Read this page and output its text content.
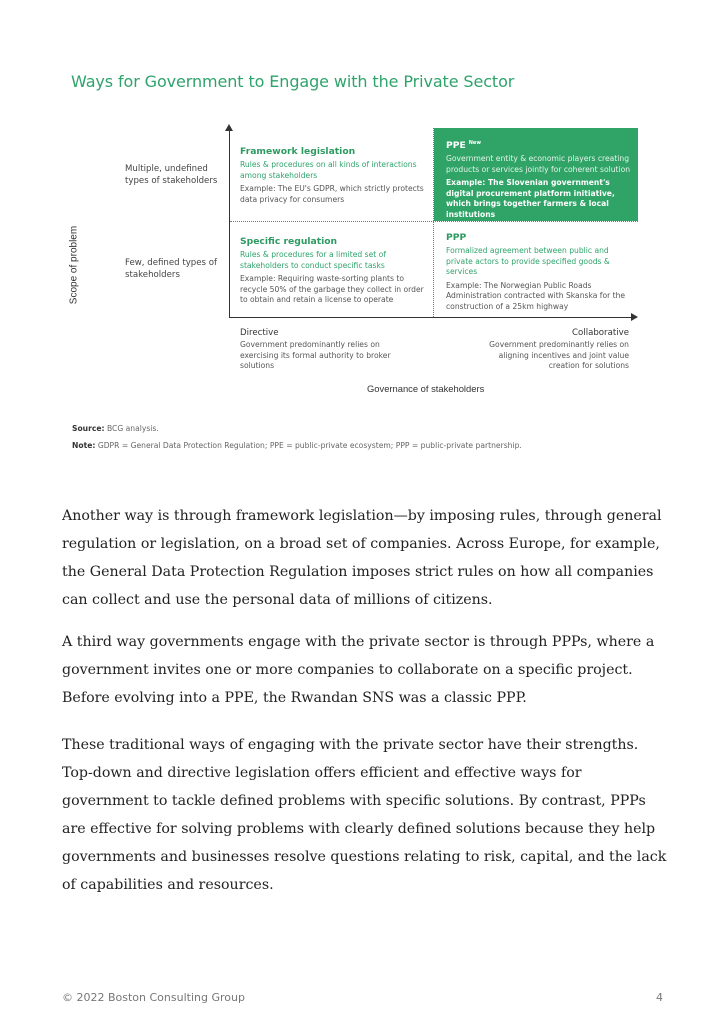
Ways for Government to Engage with the Private Sector
Scope of problem
Multiple, undefined types of stakeholders
Few, defined types of stakeholders
Framework legislation
Rules & procedures on all kinds of interactions among stakeholders
Example: The EU's GDPR, which strictly protects data privacy for consumers
PPE $^{New}$
Government entity & economic players creating products or services jointly for coherent solution
Example: The Slovenian government's digital procurement platform initiative, which brings together farmers & local institutions
Specific regulation
Rules & procedures for a limited set of stakeholders to conduct specific tasks
Example: Requiring waste-sorting plants to recycle 50% of the garbage they collect in order to obtain and retain a license to operate
PPP
Formalized agreement between public and private actors to provide specified goods & services
Example: The Norwegian Public Roads Administration contracted with Skanska for the construction of a 25km highway
Directive
Government predominantly relies on exercising its formal authority to broker solutions
Collaborative
Government predominantly relies on aligning incentives and joint value creation for solutions
Governance of stakeholders
Source: BCG analysis.
Note: GDPR = General Data Protection Regulation; PPE = public-private ecosystem; PPP = public-private partnership.

Another way is through framework legislation—by imposing rules, through general regulation or legislation, on a broad set of companies. Across Europe, for example, the General Data Protection Regulation imposes strict rules on how all companies can collect and use the personal data of millions of citizens.

A third way governments engage with the private sector is through PPPs, where a government invites one or more companies to collaborate on a specific project. Before evolving into a PPE, the Rwandan SNS was a classic PPP.

These traditional ways of engaging with the private sector have their strengths. Top-down and directive legislation offers efficient and effective ways for government to tackle defined problems with specific solutions. By contrast, PPPs are effective for solving problems with clearly defined solutions because they help governments and businesses resolve questions relating to risk, capital, and the lack of capabilities and resources.

© 2022 Boston Consulting Group	4
